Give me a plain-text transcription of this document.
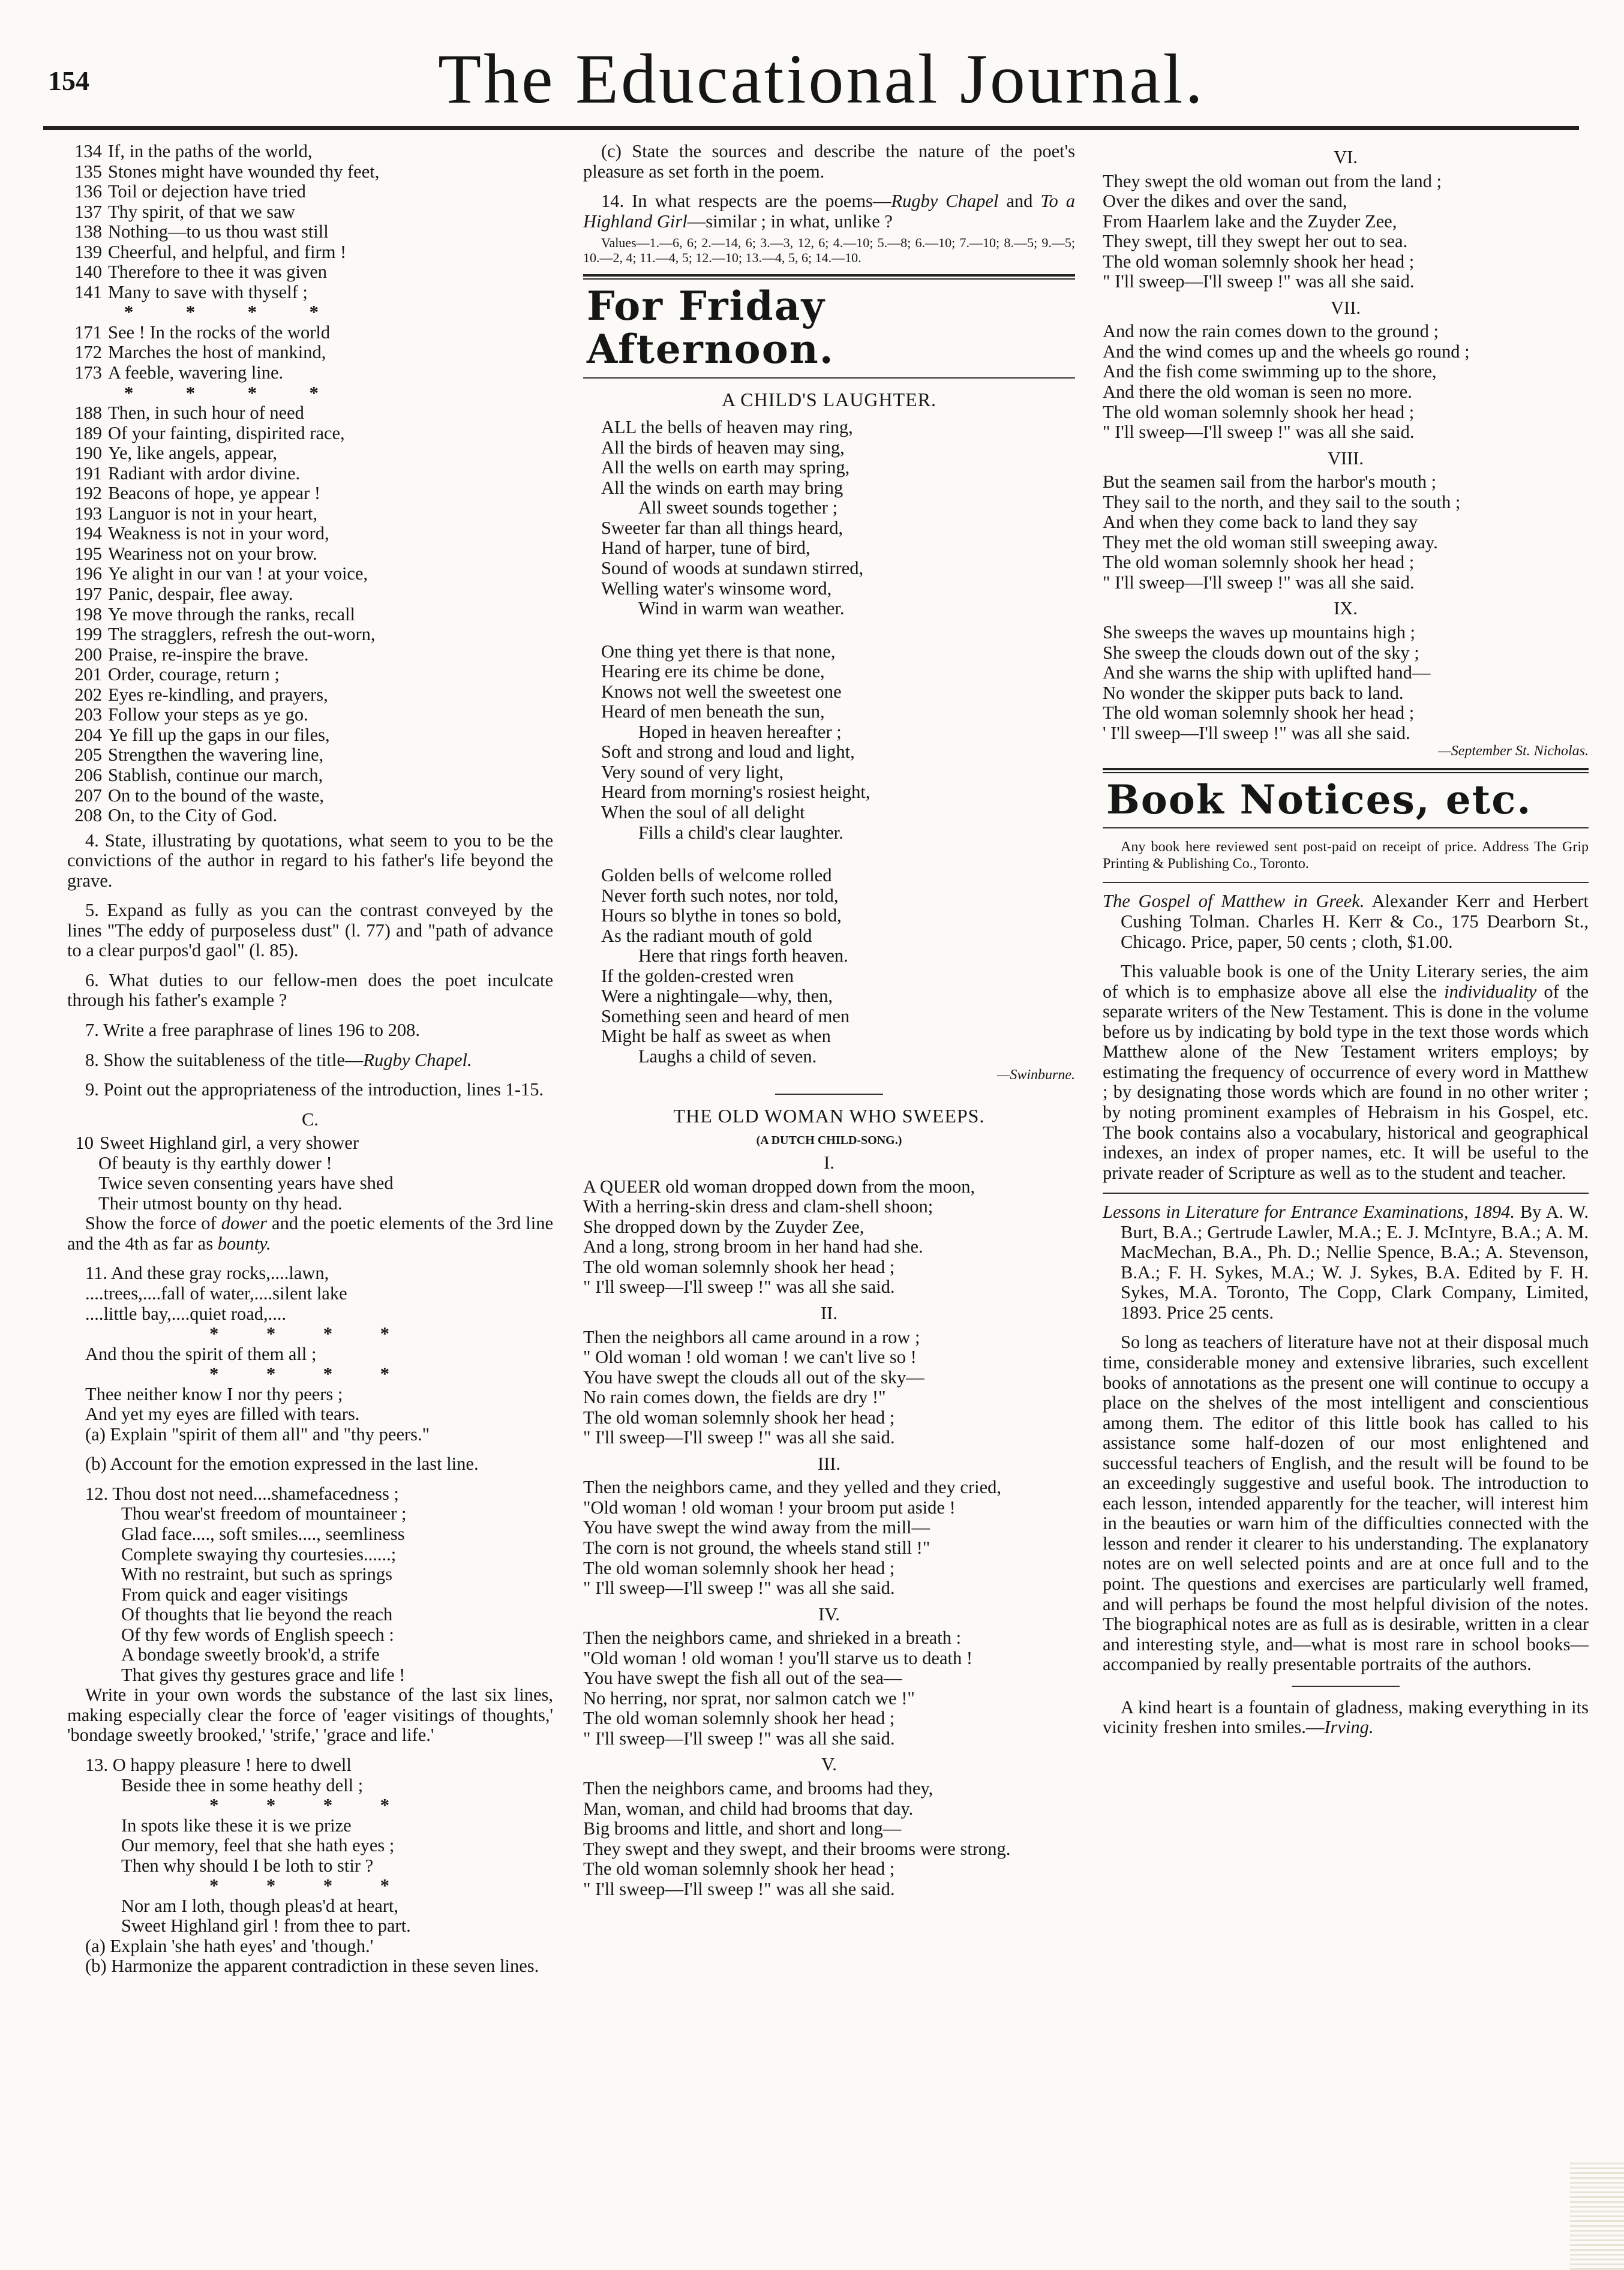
154	The Educational Journal.
134 If, in the paths of the world,
135 Stones might have wounded thy feet,
136 Toil or dejection have tried
137 Thy spirit, of that we saw
138 Nothing—to us thou wast still
139 Cheerful, and helpful, and firm !
140 Therefore to thee it was given
141 Many to save with thyself ;
* * * *
171 See ! In the rocks of the world
172 Marches the host of mankind,
173 A feeble, wavering line.
* * * *
188 Then, in such hour of need
189 Of your fainting, dispirited race,
190 Ye, like angels, appear,
191 Radiant with ardor divine.
192 Beacons of hope, ye appear !
193 Languor is not in your heart,
194 Weakness is not in your word,
195 Weariness not on your brow.
196 Ye alight in our van ! at your voice,
197 Panic, despair, flee away.
198 Ye move through the ranks, recall
199 The stragglers, refresh the out-worn,
200 Praise, re-inspire the brave.
201 Order, courage, return ;
202 Eyes re-kindling, and prayers,
203 Follow your steps as ye go.
204 Ye fill up the gaps in our files,
205 Strengthen the wavering line,
206 Stablish, continue our march,
207 On to the bound of the waste,
208 On, to the City of God.

4. State, illustrating by quotations, what seem to you to be the convictions of the author in regard to his father's life beyond the grave.

5. Expand as fully as you can the contrast conveyed by the lines "The eddy of purposeless dust" (l. 77) and "path of advance to a clear purpos'd gaol" (l. 85).

6. What duties to our fellow-men does the poet inculcate through his father's example ?

7. Write a free paraphrase of lines 196 to 208.

8. Show the suitableness of the title—Rugby Chapel.

9. Point out the appropriateness of the introduction, lines 1-15.

C.
10 Sweet Highland girl, a very shower
Of beauty is thy earthly dower !
Twice seven consenting years have shed
Their utmost bounty on thy head.

Show the force of dower and the poetic elements of the 3rd line and the 4th as far as bounty.

11. And these gray rocks,....lawn,
....trees,....fall of water,....silent lake
....little bay,....quiet road,....
* * * *
And thou the spirit of them all ;
* * * *
Thee neither know I nor thy peers ;
And yet my eyes are filled with tears.

(a) Explain "spirit of them all" and "thy peers."

(b) Account for the emotion expressed in the last line.

12. Thou dost not need....shamefacedness ;
Thou wear'st freedom of mountaineer ;
Glad face...., soft smiles...., seemliness
Complete swaying thy courtesies......;
With no restraint, but such as springs
From quick and eager visitings
Of thoughts that lie beyond the reach
Of thy few words of English speech :
A bondage sweetly brook'd, a strife
That gives thy gestures grace and life !

Write in your own words the substance of the last six lines, making especially clear the force of 'eager visitings of thoughts,' 'bondage sweetly brooked,' 'strife,' 'grace and life.'

13. O happy pleasure ! here to dwell
Beside thee in some heathy dell ;
* * * *
In spots like these it is we prize
Our memory, feel that she hath eyes ;
Then why should I be loth to stir ?
* * * *
Nor am I loth, though pleas'd at heart,
Sweet Highland girl ! from thee to part.
(a) Explain 'she hath eyes' and 'though.'

(b) Harmonize the apparent contradiction in these seven lines.

(c) State the sources and describe the nature of the poet's pleasure as set forth in the poem.

14. In what respects are the poems—Rugby Chapel and To a Highland Girl—similar ; in what, unlike ?

Values—1.—6, 6; 2.—14, 6; 3.—3, 12, 6; 4.—10; 5.—8; 6.—10; 7.—10; 8.—5; 9.—5; 10.—2, 4; 11.—4, 5; 12.—10; 13.—4, 5, 6; 14.—10.
For Friday Afternoon.
A CHILD'S LAUGHTER.
ALL the bells of heaven may ring,
All the birds of heaven may sing,
All the wells on earth may spring,
All the winds on earth may bring
All sweet sounds together ;
Sweeter far than all things heard,
Hand of harper, tune of bird,
Sound of woods at sundawn stirred,
Welling water's winsome word,
Wind in warm wan weather.
One thing yet there is that none,
Hearing ere its chime be done,
Knows not well the sweetest one
Heard of men beneath the sun,
Hoped in heaven hereafter ;
Soft and strong and loud and light,
Very sound of very light,
Heard from morning's rosiest height,
When the soul of all delight
Fills a child's clear laughter.
Golden bells of welcome rolled
Never forth such notes, nor told,
Hours so blythe in tones so bold,
As the radiant mouth of gold
Here that rings forth heaven.
If the golden-crested wren
Were a nightingale—why, then,
Something seen and heard of men
Might be half as sweet as when
Laughs a child of seven.
—Swinburne.
THE OLD WOMAN WHO SWEEPS.
(A DUTCH CHILD-SONG.)
I.
A QUEER old woman dropped down from the moon,
With a herring-skin dress and clam-shell shoon;
She dropped down by the Zuyder Zee,
And a long, strong broom in her hand had she.
The old woman solemnly shook her head ;
" I'll sweep—I'll sweep !" was all she said.
II.
Then the neighbors all came around in a row ;
" Old woman ! old woman ! we can't live so !
You have swept the clouds all out of the sky—
No rain comes down, the fields are dry !"
The old woman solemnly shook her head ;
" I'll sweep—I'll sweep !" was all she said.
III.
Then the neighbors came, and they yelled and they cried,
"Old woman ! old woman ! your broom put aside !
You have swept the wind away from the mill—
The corn is not ground, the wheels stand still !"
The old woman solemnly shook her head ;
" I'll sweep—I'll sweep !" was all she said.
IV.
Then the neighbors came, and shrieked in a breath :
"Old woman ! old woman ! you'll starve us to death !
You have swept the fish all out of the sea—
No herring, nor sprat, nor salmon catch we !"
The old woman solemnly shook her head ;
" I'll sweep—I'll sweep !" was all she said.
V.
Then the neighbors came, and brooms had they,
Man, woman, and child had brooms that day.
Big brooms and little, and short and long—
They swept and they swept, and their brooms were strong.
The old woman solemnly shook her head ;
" I'll sweep—I'll sweep !" was all she said.
VI.
They swept the old woman out from the land ;
Over the dikes and over the sand,
From Haarlem lake and the Zuyder Zee,
They swept, till they swept her out to sea.
The old woman solemnly shook her head ;
" I'll sweep—I'll sweep !" was all she said.
VII.
And now the rain comes down to the ground ;
And the wind comes up and the wheels go round ;
And the fish come swimming up to the shore,
And there the old woman is seen no more.
The old woman solemnly shook her head ;
" I'll sweep—I'll sweep !" was all she said.
VIII.
But the seamen sail from the harbor's mouth ;
They sail to the north, and they sail to the south ;
And when they come back to land they say
They met the old woman still sweeping away.
The old woman solemnly shook her head ;
" I'll sweep—I'll sweep !" was all she said.
IX.
She sweeps the waves up mountains high ;
She sweep the clouds down out of the sky ;
And she warns the ship with uplifted hand—
No wonder the skipper puts back to land.
The old woman solemnly shook her head ;
' I'll sweep—I'll sweep !" was all she said.
—September St. Nicholas.
Book Notices, etc.

Any book here reviewed sent post-paid on receipt of price. Address The Grip Printing & Publishing Co., Toronto.

The Gospel of Matthew in Greek. Alexander Kerr and Herbert Cushing Tolman. Charles H. Kerr & Co., 175 Dearborn St., Chicago. Price, paper, 50 cents ; cloth, $1.00.

This valuable book is one of the Unity Literary series, the aim of which is to emphasize above all else the individuality of the separate writers of the New Testament. This is done in the volume before us by indicating by bold type in the text those words which Matthew alone of the New Testament writers employs; by estimating the frequency of occurrence of every word in Matthew ; by designating those words which are found in no other writer ; by noting prominent examples of Hebraism in his Gospel, etc. The book contains also a vocabulary, historical and geographical indexes, an index of proper names, etc. It will be useful to the private reader of Scripture as well as to the student and teacher.

Lessons in Literature for Entrance Examinations, 1894. By A. W. Burt, B.A.; Gertrude Lawler, M.A.; E. J. McIntyre, B.A.; A. M. MacMechan, B.A., Ph. D.; Nellie Spence, B.A.; A. Stevenson, B.A.; F. H. Sykes, M.A.; W. J. Sykes, B.A. Edited by F. H. Sykes, M.A. Toronto, The Copp, Clark Company, Limited, 1893. Price 25 cents.

So long as teachers of literature have not at their disposal much time, considerable money and extensive libraries, such excellent books of annotations as the present one will continue to occupy a place on the shelves of the most intelligent and conscientious among them. The editor of this little book has called to his assistance some half-dozen of our most enlightened and successful teachers of English, and the result will be found to be an exceedingly suggestive and useful book. The introduction to each lesson, intended apparently for the teacher, will interest him in the beauties or warn him of the difficulties connected with the lesson and render it clearer to his understanding. The explanatory notes are on well selected points and are at once full and to the point. The questions and exercises are particularly well framed, and will perhaps be found the most helpful division of the notes. The biographical notes are as full as is desirable, written in a clear and interesting style, and—what is most rare in school books—accompanied by really presentable portraits of the authors.

A kind heart is a fountain of gladness, making everything in its vicinity freshen into smiles.—Irving.
